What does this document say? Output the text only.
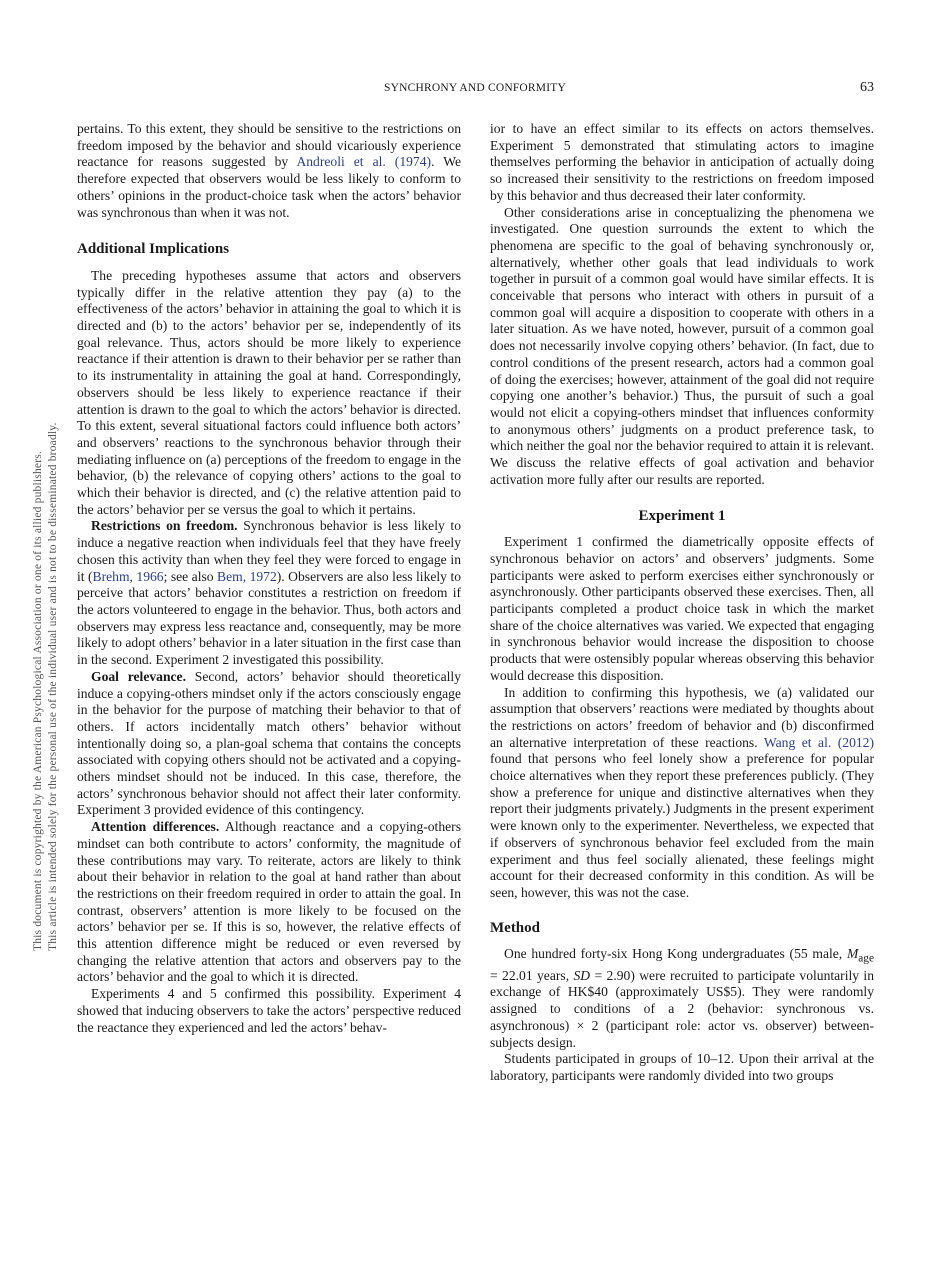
SYNCHRONY AND CONFORMITY	63
This document is copyrighted by the American Psychological Association or one of its allied publishers. This article is intended solely for the personal use of the individual user and is not to be disseminated broadly.

pertains. To this extent, they should be sensitive to the restrictions on freedom imposed by the behavior and should vicariously experience reactance for reasons suggested by Andreoli et al. (1974). We therefore expected that observers would be less likely to conform to others’ opinions in the product-choice task when the actors’ behavior was synchronous than when it was not.

Additional Implications

The preceding hypotheses assume that actors and observers typically differ in the relative attention they pay (a) to the effectiveness of the actors’ behavior in attaining the goal to which it is directed and (b) to the actors’ behavior per se, independently of its goal relevance. Thus, actors should be more likely to experience reactance if their attention is drawn to their behavior per se rather than to its instrumentality in attaining the goal at hand. Correspondingly, observers should be less likely to experience reactance if their attention is drawn to the goal to which the actors’ behavior is directed. To this extent, several situational factors could influence both actors’ and observers’ reactions to the synchronous behavior through their mediating influence on (a) perceptions of the freedom to engage in the behavior, (b) the relevance of copying others’ actions to the goal to which their behavior is directed, and (c) the relative attention paid to the actors’ behavior per se versus the goal to which it pertains.

Restrictions on freedom. Synchronous behavior is less likely to induce a negative reaction when individuals feel that they have freely chosen this activity than when they feel they were forced to engage in it (Brehm, 1966; see also Bem, 1972). Observers are also less likely to perceive that actors’ behavior constitutes a restriction on freedom if the actors volunteered to engage in the behavior. Thus, both actors and observers may express less reactance and, consequently, may be more likely to adopt others’ behavior in a later situation in the first case than in the second. Experiment 2 investigated this possibility.

Goal relevance. Second, actors’ behavior should theoretically induce a copying-others mindset only if the actors consciously engage in the behavior for the purpose of matching their behavior to that of others. If actors incidentally match others’ behavior without intentionally doing so, a plan-goal schema that contains the concepts associated with copying others should not be activated and a copying-others mindset should not be induced. In this case, therefore, the actors’ synchronous behavior should not affect their later conformity. Experiment 3 provided evidence of this contingency.

Attention differences. Although reactance and a copying-others mindset can both contribute to actors’ conformity, the magnitude of these contributions may vary. To reiterate, actors are likely to think about their behavior in relation to the goal at hand rather than about the restrictions on their freedom required in order to attain the goal. In contrast, observers’ attention is more likely to be focused on the actors’ behavior per se. If this is so, however, the relative effects of this attention difference might be reduced or even reversed by changing the relative attention that actors and observers pay to the actors’ behavior and the goal to which it is directed.

Experiments 4 and 5 confirmed this possibility. Experiment 4 showed that inducing observers to take the actors’ perspective reduced the reactance they experienced and led the actors’ behav-

ior to have an effect similar to its effects on actors themselves. Experiment 5 demonstrated that stimulating actors to imagine themselves performing the behavior in anticipation of actually doing so increased their sensitivity to the restrictions on freedom imposed by this behavior and thus decreased their later conformity.

Other considerations arise in conceptualizing the phenomena we investigated. One question surrounds the extent to which the phenomena are specific to the goal of behaving synchronously or, alternatively, whether other goals that lead individuals to work together in pursuit of a common goal would have similar effects. It is conceivable that persons who interact with others in pursuit of a common goal will acquire a disposition to cooperate with others in a later situation. As we have noted, however, pursuit of a common goal does not necessarily involve copying others’ behavior. (In fact, due to control conditions of the present research, actors had a common goal of doing the exercises; however, attainment of the goal did not require copying one another’s behavior.) Thus, the pursuit of such a goal would not elicit a copying-others mindset that influences conformity to anonymous others’ judgments on a product preference task, to which neither the goal nor the behavior required to attain it is relevant. We discuss the relative effects of goal activation and behavior activation more fully after our results are reported.

Experiment 1

Experiment 1 confirmed the diametrically opposite effects of synchronous behavior on actors’ and observers’ judgments. Some participants were asked to perform exercises either synchronously or asynchronously. Other participants observed these exercises. Then, all participants completed a product choice task in which the market share of the choice alternatives was varied. We expected that engaging in synchronous behavior would increase the disposition to choose products that were ostensibly popular whereas observing this behavior would decrease this disposition.

In addition to confirming this hypothesis, we (a) validated our assumption that observers’ reactions were mediated by thoughts about the restrictions on actors’ freedom of behavior and (b) disconfirmed an alternative interpretation of these reactions. Wang et al. (2012) found that persons who feel lonely show a preference for popular choice alternatives when they report these preferences publicly. (They show a preference for unique and distinctive alternatives when they report their judgments privately.) Judgments in the present experiment were known only to the experimenter. Nevertheless, we expected that if observers of synchronous behavior feel excluded from the main experiment and thus feel socially alienated, these feelings might account for their decreased conformity in this condition. As will be seen, however, this was not the case.

Method

One hundred forty-six Hong Kong undergraduates (55 male, $M_{age} = 22.01$ years, SD = 2.90) were recruited to participate voluntarily in exchange of HK$40 (approximately US$5). They were randomly assigned to conditions of a 2 (behavior: synchronous vs. asynchronous) × 2 (participant role: actor vs. observer) between-subjects design.

Students participated in groups of 10–12. Upon their arrival at the laboratory, participants were randomly divided into two groups
